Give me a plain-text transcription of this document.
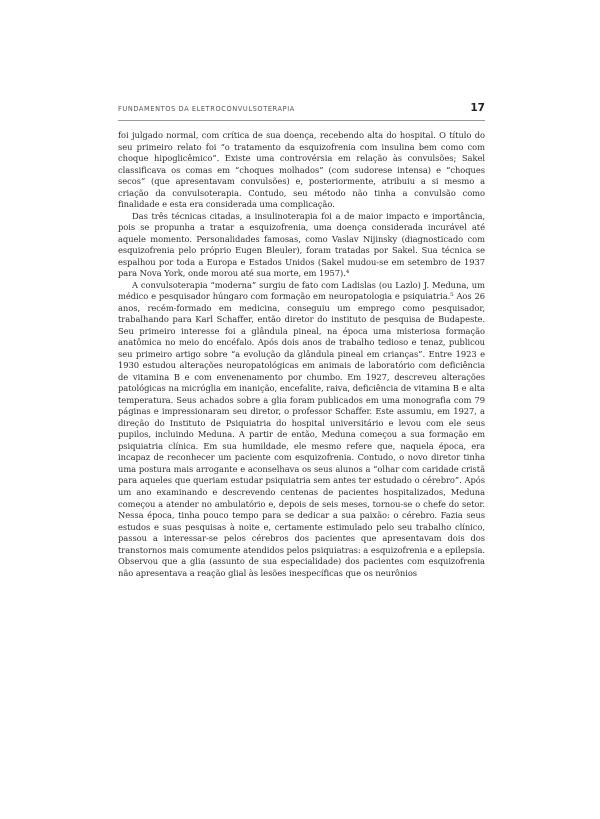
FUNDAMENTOS DA ELETROCONVULSOTERAPIA	17

foi julgado normal, com crítica de sua doença, recebendo alta do hospital. O título do seu primeiro relato foi “o tratamento da esquizofrenia com insulina bem como com choque hipoglicêmico”. Existe uma controvérsia em relação às convulsões; Sakel classificava os comas em “choques molhados” (com sudorese intensa) e “choques secos” (que apresentavam convulsões) e, posteriormente, atribuiu a si mesmo a criação da convulsoterapia. Contudo, seu método não tinha a convulsão como finalidade e esta era considerada uma complicação.

Das três técnicas citadas, a insulinoterapia foi a de maior impacto e importância, pois se propunha a tratar a esquizofrenia, uma doença considerada incurável até aquele momento. Personalidades famosas, como Vaslav Nijinsky (diagnosticado com esquizofrenia pelo próprio Eugen Bleuler), foram tratadas por Sakel. Sua técnica se espalhou por toda a Europa e Estados Unidos (Sakel mudou-se em setembro de 1937 para Nova York, onde morou até sua morte, em 1957).⁴

A convulsoterapia “moderna” surgiu de fato com Ladislas (ou Lazlo) J. Meduna, um médico e pesquisador húngaro com formação em neuropatologia e psiquiatria.⁵ Aos 26 anos, recém-formado em medicina, conseguiu um emprego como pesquisador, trabalhando para Karl Schaffer, então diretor do instituto de pesquisa de Budapeste. Seu primeiro interesse foi a glândula pineal, na época uma misteriosa formação anatômica no meio do encéfalo. Após dois anos de trabalho tedioso e tenaz, publicou seu primeiro artigo sobre “a evolução da glândula pineal em crianças”. Entre 1923 e 1930 estudou alterações neuropatológicas em animais de laboratório com deficiência de vitamina B e com envenenamento por chumbo. Em 1927, descreveu alterações patológicas na micróglia em inanição, encefalite, raiva, deficiência de vitamina B e alta temperatura. Seus achados sobre a glia foram publicados em uma monografia com 79 páginas e impressionaram seu diretor, o professor Schaffer. Este assumiu, em 1927, a direção do Instituto de Psiquiatria do hospital universitário e levou com ele seus pupilos, incluindo Meduna. A partir de então, Meduna começou a sua formação em psiquiatria clínica. Em sua humildade, ele mesmo refere que, naquela época, era incapaz de reconhecer um paciente com esquizofrenia. Contudo, o novo diretor tinha uma postura mais arrogante e aconselhava os seus alunos a “olhar com caridade cristã para aqueles que queriam estudar psiquiatria sem antes ter estudado o cérebro”. Após um ano examinando e descrevendo centenas de pacientes hospitalizados, Meduna começou a atender no ambulatório e, depois de seis meses, tornou-se o chefe do setor. Nessa época, tinha pouco tempo para se dedicar a sua paixão: o cérebro. Fazia seus estudos e suas pesquisas à noite e, certamente estimulado pelo seu trabalho clínico, passou a interessar-se pelos cérebros dos pacientes que apresentavam dois dos transtornos mais comumente atendidos pelos psiquiatras: a esquizofrenia e a epilepsia. Observou que a glia (assunto de sua especialidade) dos pacientes com esquizofrenia não apresentava a reação glial às lesões inespecíficas que os neurônios
